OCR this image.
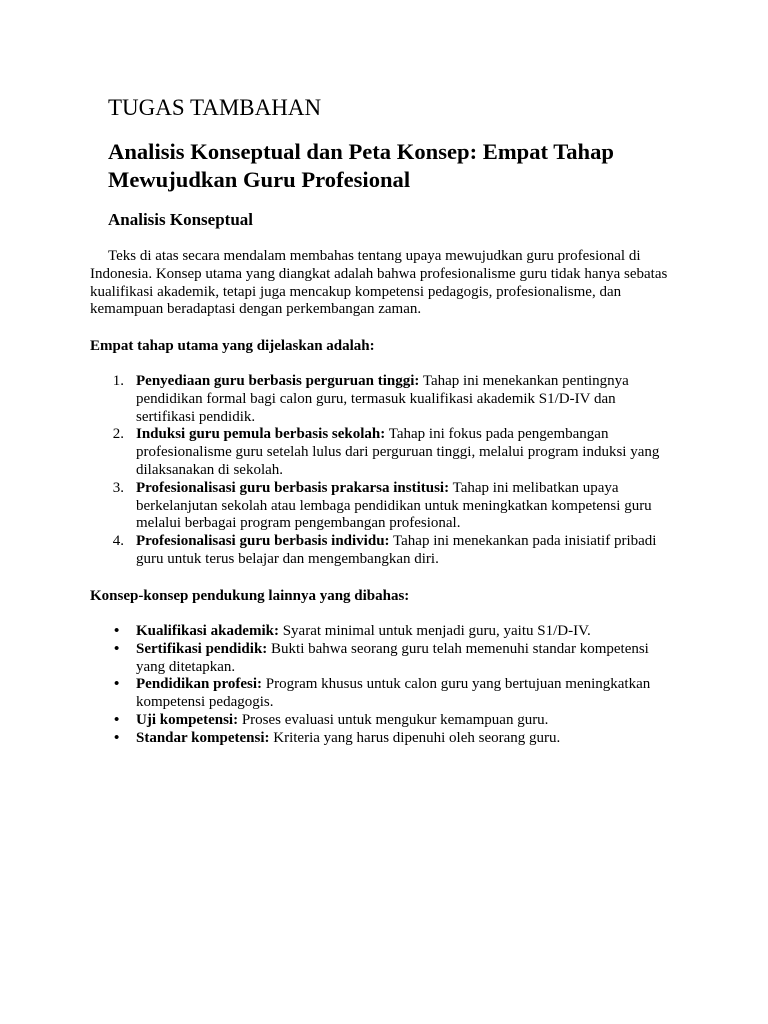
TUGAS TAMBAHAN
Analisis Konseptual dan Peta Konsep: Empat Tahap Mewujudkan Guru Profesional
Analisis Konseptual

Teks di atas secara mendalam membahas tentang upaya mewujudkan guru profesional di Indonesia. Konsep utama yang diangkat adalah bahwa profesionalisme guru tidak hanya sebatas kualifikasi akademik, tetapi juga mencakup kompetensi pedagogis, profesionalisme, dan kemampuan beradaptasi dengan perkembangan zaman.

Empat tahap utama yang dijelaskan adalah:
1. Penyediaan guru berbasis perguruan tinggi: Tahap ini menekankan pentingnya pendidikan formal bagi calon guru, termasuk kualifikasi akademik S1/D-IV dan sertifikasi pendidik.
2. Induksi guru pemula berbasis sekolah: Tahap ini fokus pada pengembangan profesionalisme guru setelah lulus dari perguruan tinggi, melalui program induksi yang dilaksanakan di sekolah.
3. Profesionalisasi guru berbasis prakarsa institusi: Tahap ini melibatkan upaya berkelanjutan sekolah atau lembaga pendidikan untuk meningkatkan kompetensi guru melalui berbagai program pengembangan profesional.
4. Profesionalisasi guru berbasis individu: Tahap ini menekankan pada inisiatif pribadi guru untuk terus belajar dan mengembangkan diri.
Konsep-konsep pendukung lainnya yang dibahas:
• Kualifikasi akademik: Syarat minimal untuk menjadi guru, yaitu S1/D-IV.
• Sertifikasi pendidik: Bukti bahwa seorang guru telah memenuhi standar kompetensi yang ditetapkan.
• Pendidikan profesi: Program khusus untuk calon guru yang bertujuan meningkatkan kompetensi pedagogis.
• Uji kompetensi: Proses evaluasi untuk mengukur kemampuan guru.
• Standar kompetensi: Kriteria yang harus dipenuhi oleh seorang guru.
